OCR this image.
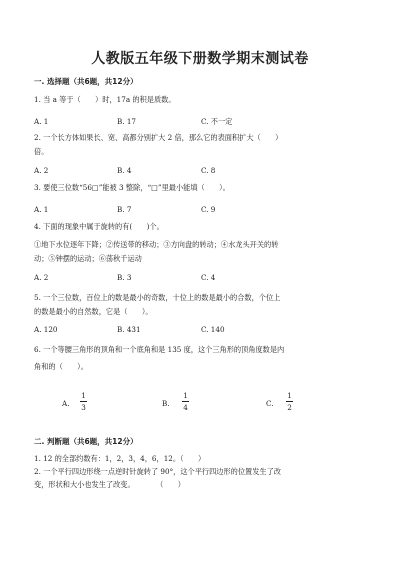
人教版五年级下册数学期末测试卷
一. 选择题（共6题，共12分）
1. 当 a 等于（　　）时，17a 的积是质数。
A. 1	B. 17	C. 不一定
2. 一个长方体如果长、宽、高都分别扩大 2 倍，那么它的表面积扩大（　　）
倍。
A. 2	B. 4	C. 8
3. 要使三位数“56□”能被 3 整除，“□”里最小能填（　　）。
A. 1	B. 7	C. 9
4. 下面的现象中属于旋转的有(　　)个。
①地下水位逐年下降；②传送带的移动；③方向盘的转动；④水龙头开关的转
动；⑤钟摆的运动；⑥荡秋千运动
A. 2	B. 3	C. 4
5. 一个三位数，百位上的数是最小的奇数，十位上的数是最小的合数，个位上
的数是最小的自然数，它是（　　）。
A. 120	B. 431	C. 140
6. 一个等腰三角形的顶角和一个底角和是 135 度，这个三角形的顶角度数是内
角和的（　　）。
A.
1
3	B.
1
4	C.
1
2
二. 判断题（共6题，共12分）
1. 12 的全部约数有：1，2，3，4，6，12。（　　）
2. 一个平行四边形绕一点逆时针旋转了 90°，这个平行四边形的位置发生了改
变，形状和大小也发生了改变。　　　　（　　）
